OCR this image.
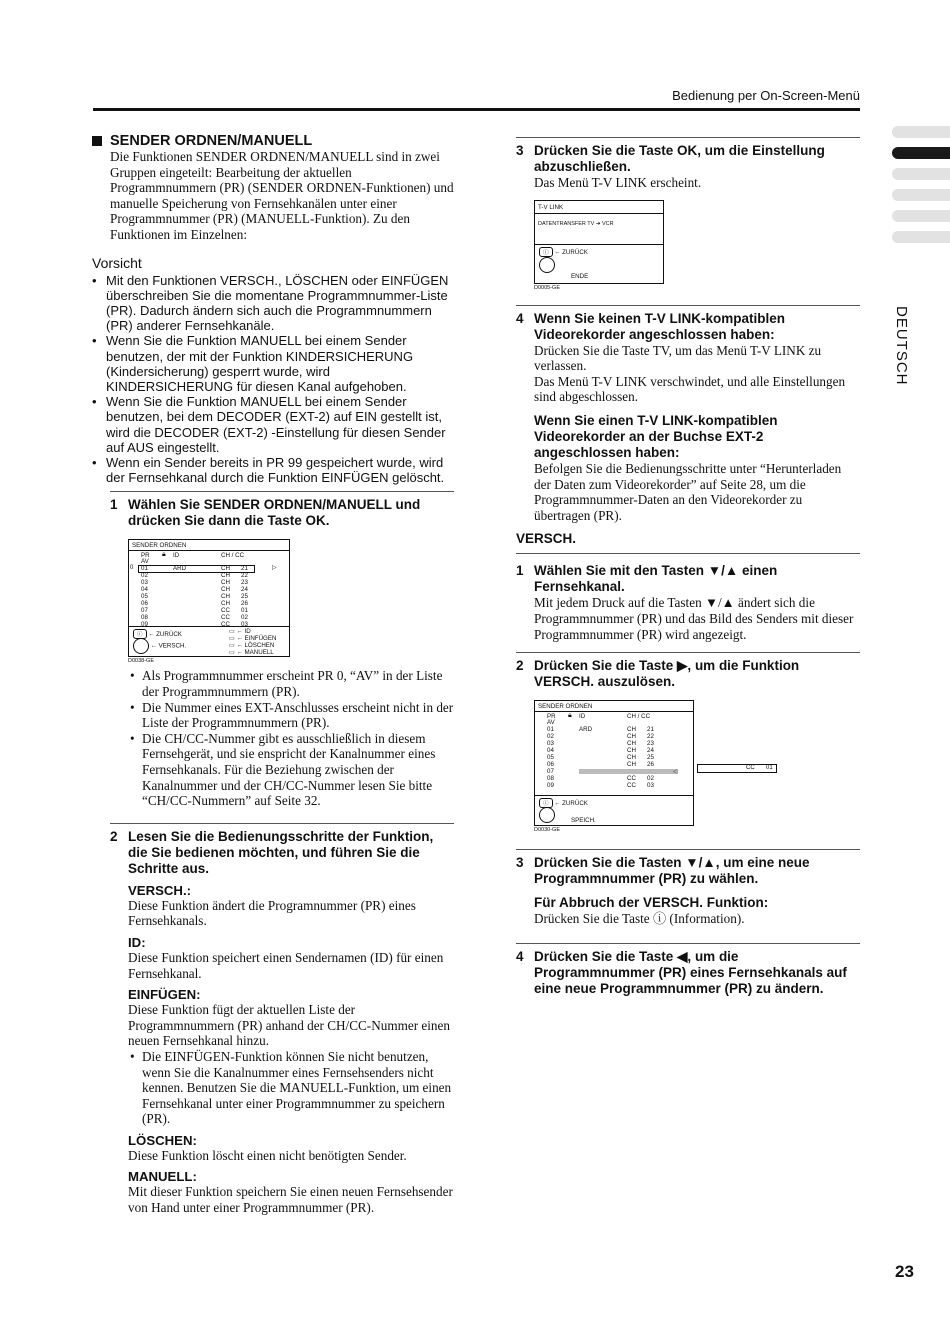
Bedienung per On-Screen-Menü
DEUTSCH
SENDER ORDNEN/MANUELL
Die Funktionen SENDER ORDNEN/MANUELL sind in zwei Gruppen eingeteilt: Bearbeitung der aktuellen Programmnummern (PR) (SENDER ORDNEN-Funktionen) und manuelle Speicherung von Fernsehkanälen unter einer Programmnummer (PR) (MANUELL-Funktion). Zu den Funktionen im Einzelnen:
Vorsicht
• Mit den Funktionen VERSCH., LÖSCHEN oder EINFÜGEN überschreiben Sie die momentane Programmnummer-Liste (PR). Dadurch ändern sich auch die Programmnummern (PR) anderer Fernsehkanäle.
• Wenn Sie die Funktion MANUELL bei einem Sender benutzen, der mit der Funktion KINDERSICHERUNG (Kindersicherung) gesperrt wurde, wird KINDERSICHERUNG für diesen Kanal aufgehoben.
• Wenn Sie die Funktion MANUELL bei einem Sender benutzen, bei dem DECODER (EXT-2) auf EIN gestellt ist, wird die DECODER (EXT-2) -Einstellung für diesen Sender auf AUS eingestellt.
• Wenn ein Sender bereits in PR 99 gespeichert wurde, wird der Fernsehkanal durch die Funktion EINFÜGEN gelöscht.
1 Wählen Sie SENDER ORDNEN/MANUELL und drücken Sie dann die Taste OK.
SENDER ORDNEN
PR 🔒︎ ID	CH / CC
0	▷
AV
01	ARD	CH	21
02	CH	22
03	CH	23
04	CH	24
05	CH	25
06	CH	26
07	CC	01
08	CC	02
09	CC	03
ⓘ ← ZURÜCK
← VERSCH.
▭ ← ID
▭ ← EINFÜGEN
▭ ← LÖSCHEN
▭ ← MANUELL
D0038-GE
• Als Programmnummer erscheint PR 0, “AV” in der Liste der Programmnummern (PR).
• Die Nummer eines EXT-Anschlusses erscheint nicht in der Liste der Programmnummern (PR).
• Die CH/CC-Nummer gibt es ausschließlich in diesem Fernsehgerät, und sie enspricht der Kanalnummer eines Fernsehkanals. Für die Beziehung zwischen der Kanalnummer und der CH/CC-Nummer lesen Sie bitte “CH/CC-Nummern” auf Seite 32.
2 Lesen Sie die Bedienungsschritte der Funktion, die Sie bedienen möchten, und führen Sie die Schritte aus.
VERSCH.:
Diese Funktion ändert die Programnummer (PR) eines Fernsehkanals.
ID:
Diese Funktion speichert einen Sendernamen (ID) für einen Fernsehkanal.
EINFÜGEN:
Diese Funktion fügt der aktuellen Liste der Programmnummern (PR) anhand der CH/CC-Nummer einen neuen Fernsehkanal hinzu.
• Die EINFÜGEN-Funktion können Sie nicht benutzen, wenn Sie die Kanalnummer eines Fernsehsenders nicht kennen. Benutzen Sie die MANUELL-Funktion, um einen Fernsehkanal unter einer Programmnummer zu speichern (PR).
LÖSCHEN:
Diese Funktion löscht einen nicht benötigten Sender.
MANUELL:
Mit dieser Funktion speichern Sie einen neuen Fernsehsender von Hand unter einer Programmnummer (PR).
3 Drücken Sie die Taste OK, um die Einstellung abzuschließen.
Das Menü T-V LINK erscheint.
T-V LINK
DATENTRANSFER TV ➔ VCR
ⓘ ← ZURÜCK
ENDE
D0005-GE
4 Wenn Sie keinen T-V LINK-kompatiblen Videorekorder angeschlossen haben:
Drücken Sie die Taste TV, um das Menü T-V LINK zu verlassen.
Das Menü T-V LINK verschwindet, und alle Einstellungen sind abgeschlossen.
Wenn Sie einen T-V LINK-kompatiblen Videorekorder an der Buchse EXT-2 angeschlossen haben:
Befolgen Sie die Bedienungsschritte unter “Herunterladen der Daten zum Videorekorder” auf Seite 28, um die Programmnummer-Daten an den Videorekorder zu übertragen (PR).
VERSCH.
1 Wählen Sie mit den Tasten ▼/▲ einen Fernsehkanal.
Mit jedem Druck auf die Tasten ▼/▲ ändert sich die Programmnummer (PR) und das Bild des Senders mit dieser Programmnummer (PR) wird angezeigt.
2 Drücken Sie die Taste ▶, um die Funktion VERSCH. auszulösen.
SENDER ORDNEN
PR 🔒︎ ID	CH / CC
AV
01	ARD	CH	21
02	CH	22
03	CH	23
04	CH	24
05	CH	25
06	CH	26
07
08	CC	02
09	CC	03
◁
ⓘ ← ZURÜCK
SPEICH.
D0030-GE
CC 01
3 Drücken Sie die Tasten ▼/▲, um eine neue Programmnummer (PR) zu wählen.
Für Abbruch der VERSCH. Funktion:
Drücken Sie die Taste ⓘ (Information).
4 Drücken Sie die Taste ◀, um die Programmnummer (PR) eines Fernsehkanals auf eine neue Programmnummer (PR) zu ändern.
23
